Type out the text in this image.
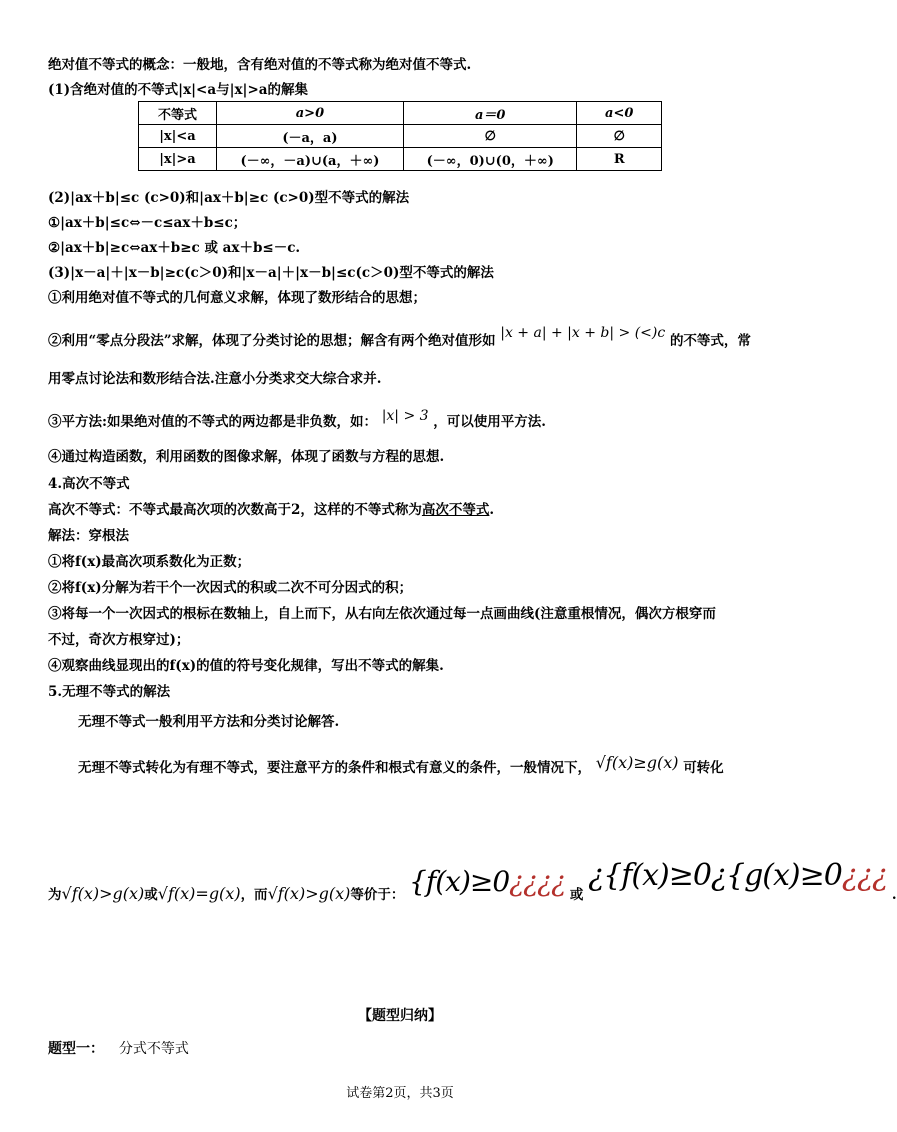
绝对值不等式的概念：一般地，含有绝对值的不等式称为绝对值不等式.
(1)含绝对值的不等式|x|<a与|x|>a的解集
不等式	a>0	a＝0	a<0
|x|<a	(－a，a)	∅	∅
|x|>a	(－∞，－a)∪(a，＋∞)	(－∞，0)∪(0，＋∞)	R
(2)|ax＋b|≤c (c>0)和|ax＋b|≥c (c>0)型不等式的解法
①|ax＋b|≤c⇔－c≤ax＋b≤c；
②|ax＋b|≥c⇔ax＋b≥c 或 ax＋b≤－c.
(3)|x－a|＋|x－b|≥c(c＞0)和|x－a|＋|x－b|≤c(c＞0)型不等式的解法
①利用绝对值不等式的几何意义求解，体现了数形结合的思想；
②利用“零点分段法”求解，体现了分类讨论的思想；解含有两个绝对值形如 |x + a| + |x + b| > (<)c 的不等式，常
用零点讨论法和数形结合法.注意小分类求交大综合求并.
③平方法:如果绝对值的不等式的两边都是非负数，如： |x| > 3 ，可以使用平方法.
④通过构造函数，利用函数的图像求解，体现了函数与方程的思想.
4.高次不等式
高次不等式：不等式最高次项的次数高于2，这样的不等式称为高次不等式.
解法：穿根法
①将f(x)最高次项系数化为正数；
②将f(x)分解为若干个一次因式的积或二次不可分因式的积；
③将每一个一次因式的根标在数轴上，自上而下，从右向左依次通过每一点画曲线(注意重根情况，偶次方根穿而
不过，奇次方根穿过)；
④观察曲线显现出的f(x)的值的符号变化规律，写出不等式的解集.
5.无理不等式的解法
无理不等式一般利用平方法和分类讨论解答.
无理不等式转化为有理不等式，要注意平方的条件和根式有意义的条件，一般情况下， √f(x)≥g(x) 可转化
为√f(x)>g(x)或√f(x)=g(x)，而√f(x)>g(x)等价于： {f(x)≥0¿¿¿¿ 或 ¿{f(x)≥0¿{g(x)≥0¿¿¿ .
【题型归纳】
题型一： 分式不等式
试卷第2页，共3页
